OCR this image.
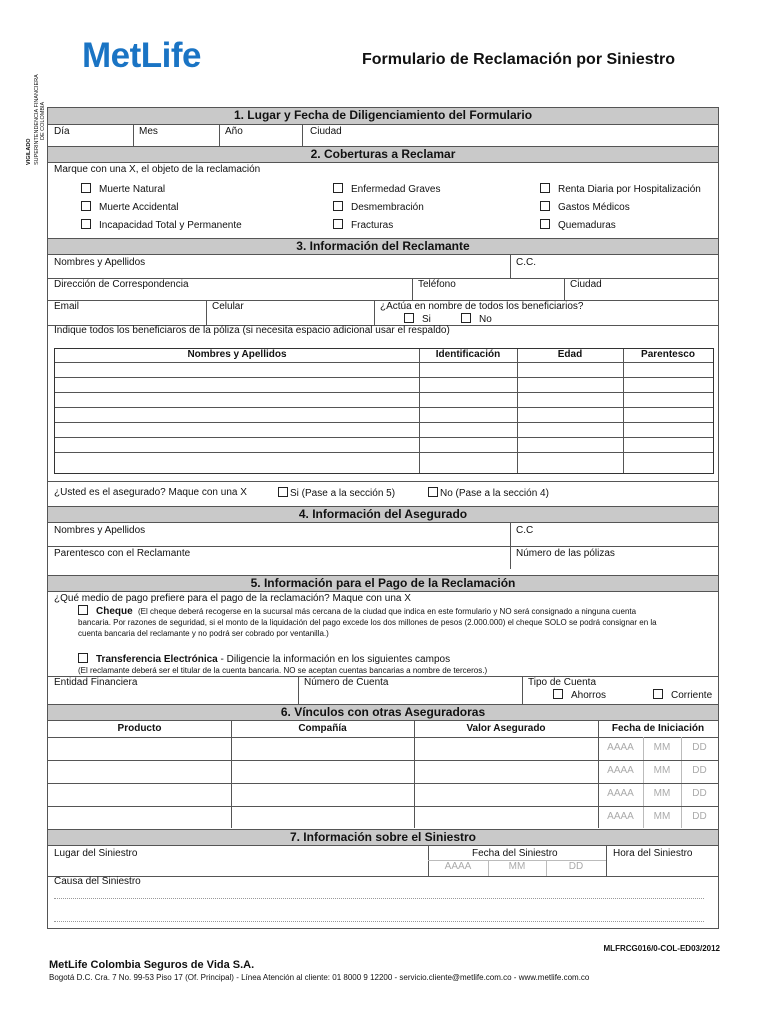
VIGILADO SUPERINTENDENCIA FINANCIERA DE COLOMBIA
MetLife	Formulario de Reclamación por Siniestro
1. Lugar y Fecha de Diligenciamiento del Formulario
Día	Mes	Año	Ciudad
2. Coberturas a Reclamar
Marque con una X, el objeto de la reclamación
Muerte Natural	Enfermedad Graves	Renta Diaria por Hospitalización
Muerte Accidental	Desmembración	Gastos Médicos
Incapacidad Total y Permanente	Fracturas	Quemaduras
3. Información del Reclamante
Nombres y Apellidos	C.C.
Dirección de Correspondencia	Teléfono	Ciudad
Email	Celular	¿Actúa en nombre de todos los beneficiarios?
Si	No
Indique todos los beneficiaros de la póliza (si necesita espacio adicional usar el respaldo)
Nombres y Apellidos	Identificación	Edad	Parentesco
¿Usted es el asegurado? Maque con una X	Si (Pase a la sección 5)	No (Pase a la sección 4)
4. Información del Asegurado
Nombres y Apellidos	C.C
Parentesco con el Reclamante	Número de las pólizas
5. Información para el Pago de la Reclamación
¿Qué medio de pago prefiere para el pago de la reclamación? Maque con una X
Cheque (El cheque deberá recogerse en la sucursal más cercana de la ciudad que indica en este formulario y NO será consignado a ninguna cuenta
bancaria. Por razones de seguridad, si el monto de la liquidación del pago excede los dos millones de pesos (2.000.000) el cheque SOLO se podrá consignar en la
cuenta bancaria del reclamante y no podrá ser cobrado por ventanilla.)
Transferencia Electrónica - Diligencie la información en los siguientes campos
(El reclamante deberá ser el titular de la cuenta bancaria. NO se aceptan cuentas bancarias a nombre de terceros.)
Entidad Financiera	Número de Cuenta	Tipo de Cuenta
Ahorros	Corriente
6. Vínculos con otras Aseguradoras
Producto	Compañía	Valor Asegurado	Fecha de Iniciación
AAAA	MM	DD
AAAA	MM	DD
AAAA	MM	DD
AAAA	MM	DD
7. Información sobre el Siniestro
Lugar del Siniestro	Fecha del Siniestro	Hora del Siniestro
AAAA	MM	DD
Causa del Siniestro
MLFRCG016/0-COL-ED03/2012
MetLife Colombia Seguros de Vida S.A.
Bogotá D.C. Cra. 7 No. 99-53 Piso 17 (Of. Principal) - Línea Atención al cliente: 01 8000 9 12200 - servicio.cliente@metlife.com.co - www.metlife.com.co
